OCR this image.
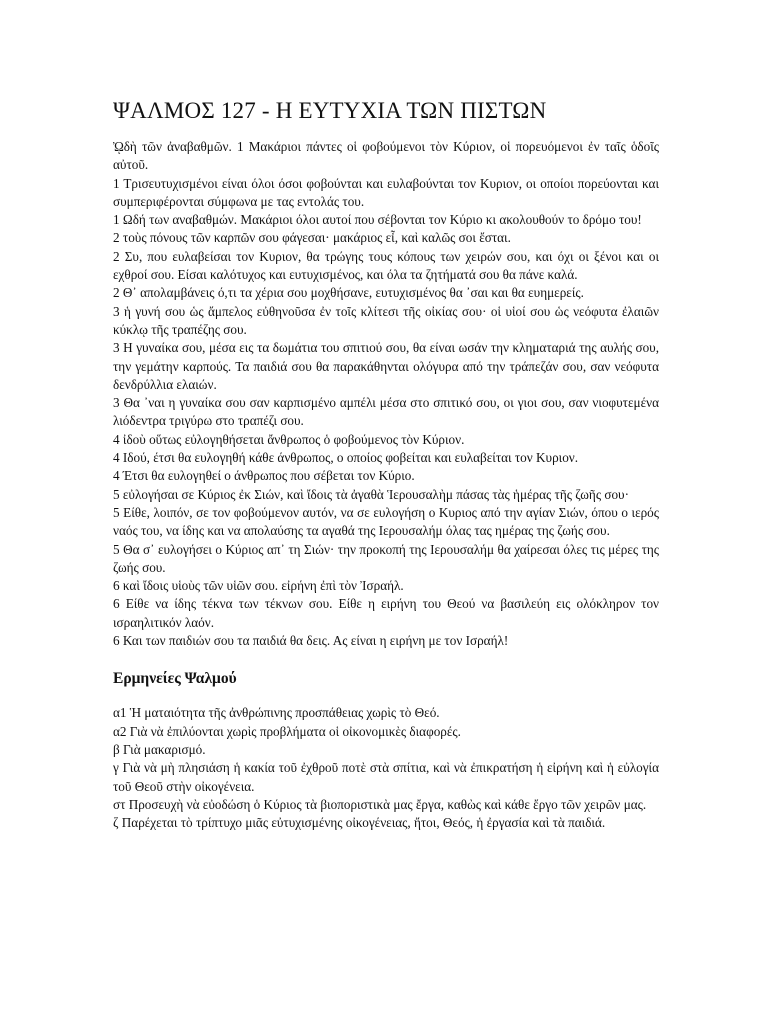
ΨΑΛΜΟΣ 127 - Η ΕΥΤΥΧΙΑ ΤΩΝ ΠΙΣΤΩΝ

ᾨδὴ τῶν ἀναβαθμῶν. 1 Μακάριοι πάντες οἱ φοβούμενοι τὸν Κύριον, οἱ πορευόμενοι ἐν ταῖς ὁδοῖς αὐτοῦ.

1 Τρισευτυχισμένοι είναι όλοι όσοι φοβούνται και ευλαβούνται τον Κυριον, οι οποίοι πορεύονται και συμπεριφέρονται σύμφωνα με τας εντολάς του.

1 Ωδή των αναβαθμών. Μακάριοι όλοι αυτοί που σέβονται τον Κύριο κι ακολουθούν το δρόμο του!

2 τοὺς πόνους τῶν καρπῶν σου φάγεσαι· μακάριος εἶ, καὶ καλῶς σοι ἔσται.

2 Συ, που ευλαβείσαι τον Κυριον, θα τρώγης τους κόπους των χειρών σου, και όχι οι ξένοι και οι εχθροί σου. Είσαι καλότυχος και ευτυχισμένος, και όλα τα ζητήματά σου θα πάνε καλά.

2 Θ᾽ απολαμβάνεις ό,τι τα χέρια σου μοχθήσανε, ευτυχισμένος θα ᾽σαι και θα ευημερείς.

3 ἡ γυνή σου ὡς ἄμπελος εὐθηνοῦσα ἐν τοῖς κλίτεσι τῆς οἰκίας σου· οἱ υἱοί σου ὡς νεόφυτα ἐλαιῶν κύκλῳ τῆς τραπέζης σου.

3 Η γυναίκα σου, μέσα εις τα δωμάτια του σπιτιού σου, θα είναι ωσάν την κληματαριά της αυλής σου, την γεμάτην καρπούς. Τα παιδιά σου θα παρακάθηνται ολόγυρα από την τράπεζάν σου, σαν νεόφυτα δενδρύλλια ελαιών.

3 Θα ᾽ναι η γυναίκα σου σαν καρπισμένο αμπέλι μέσα στο σπιτικό σου, οι γιοι σου, σαν νιοφυτεμένα λιόδεντρα τριγύρω στο τραπέζι σου.

4 ἰδοὺ οὕτως εὐλογηθήσεται ἄνθρωπος ὁ φοβούμενος τὸν Κύριον.

4 Ιδού, έτσι θα ευλογηθή κάθε άνθρωπος, ο οποίος φοβείται και ευλαβείται τον Κυριον.

4 Έτσι θα ευλογηθεί ο άνθρωπος που σέβεται τον Κύριο.

5 εὐλογήσαι σε Κύριος ἐκ Σιών, καὶ ἴδοις τὰ ἀγαθὰ Ἱερουσαλὴμ πάσας τὰς ἡμέρας τῆς ζωῆς σου·

5 Είθε, λοιπόν, σε τον φοβούμενον αυτόν, να σε ευλογήση ο Κυριος από την αγίαν Σιών, όπου ο ιερός ναός του, να ίδης και να απολαύσης τα αγαθά της Ιερουσαλήμ όλας τας ημέρας της ζωής σου.

5 Θα σ᾽ ευλογήσει ο Κύριος απ᾽ τη Σιών· την προκοπή της Ιερουσαλήμ θα χαίρεσαι όλες τις μέρες της ζωής σου.

6 καὶ ἴδοις υἱοὺς τῶν υἱῶν σου. εἰρήνη ἐπὶ τὸν Ἰσραήλ.

6 Είθε να ίδης τέκνα των τέκνων σου. Είθε η ειρήνη του Θεού να βασιλεύη εις ολόκληρον τον ισραηλιτικόν λαόν.

6 Και των παιδιών σου τα παιδιά θα δεις. Ας είναι η ειρήνη με τον Ισραήλ!

Ερμηνείες Ψαλμού

α1 Ἡ ματαιότητα τῆς ἀνθρώπινης προσπάθειας χωρὶς τὸ Θεό.

α2 Γιὰ νὰ ἐπιλύονται χωρὶς προβλήματα οἱ οἰκονομικὲς διαφορές.

β Γιὰ μακαρισμό.

γ Γιὰ νὰ μὴ πλησιάση ἡ κακία τοῦ ἐχθροῦ ποτὲ στὰ σπίτια, καὶ νὰ ἐπικρατήση ἡ εἰρήνη καὶ ἡ εὐλογία τοῦ Θεοῦ στὴν οἰκογένεια.

στ Προσευχὴ νὰ εὐοδώση ὁ Κύριος τὰ βιοποριστικὰ μας ἔργα, καθὼς καὶ κάθε ἔργο τῶν χειρῶν μας.

ζ Παρέχεται τὸ τρίπτυχο μιᾶς εὐτυχισμένης οἰκογένειας, ἤτοι, Θεός, ἡ ἐργασία καὶ τὰ παιδιά.
